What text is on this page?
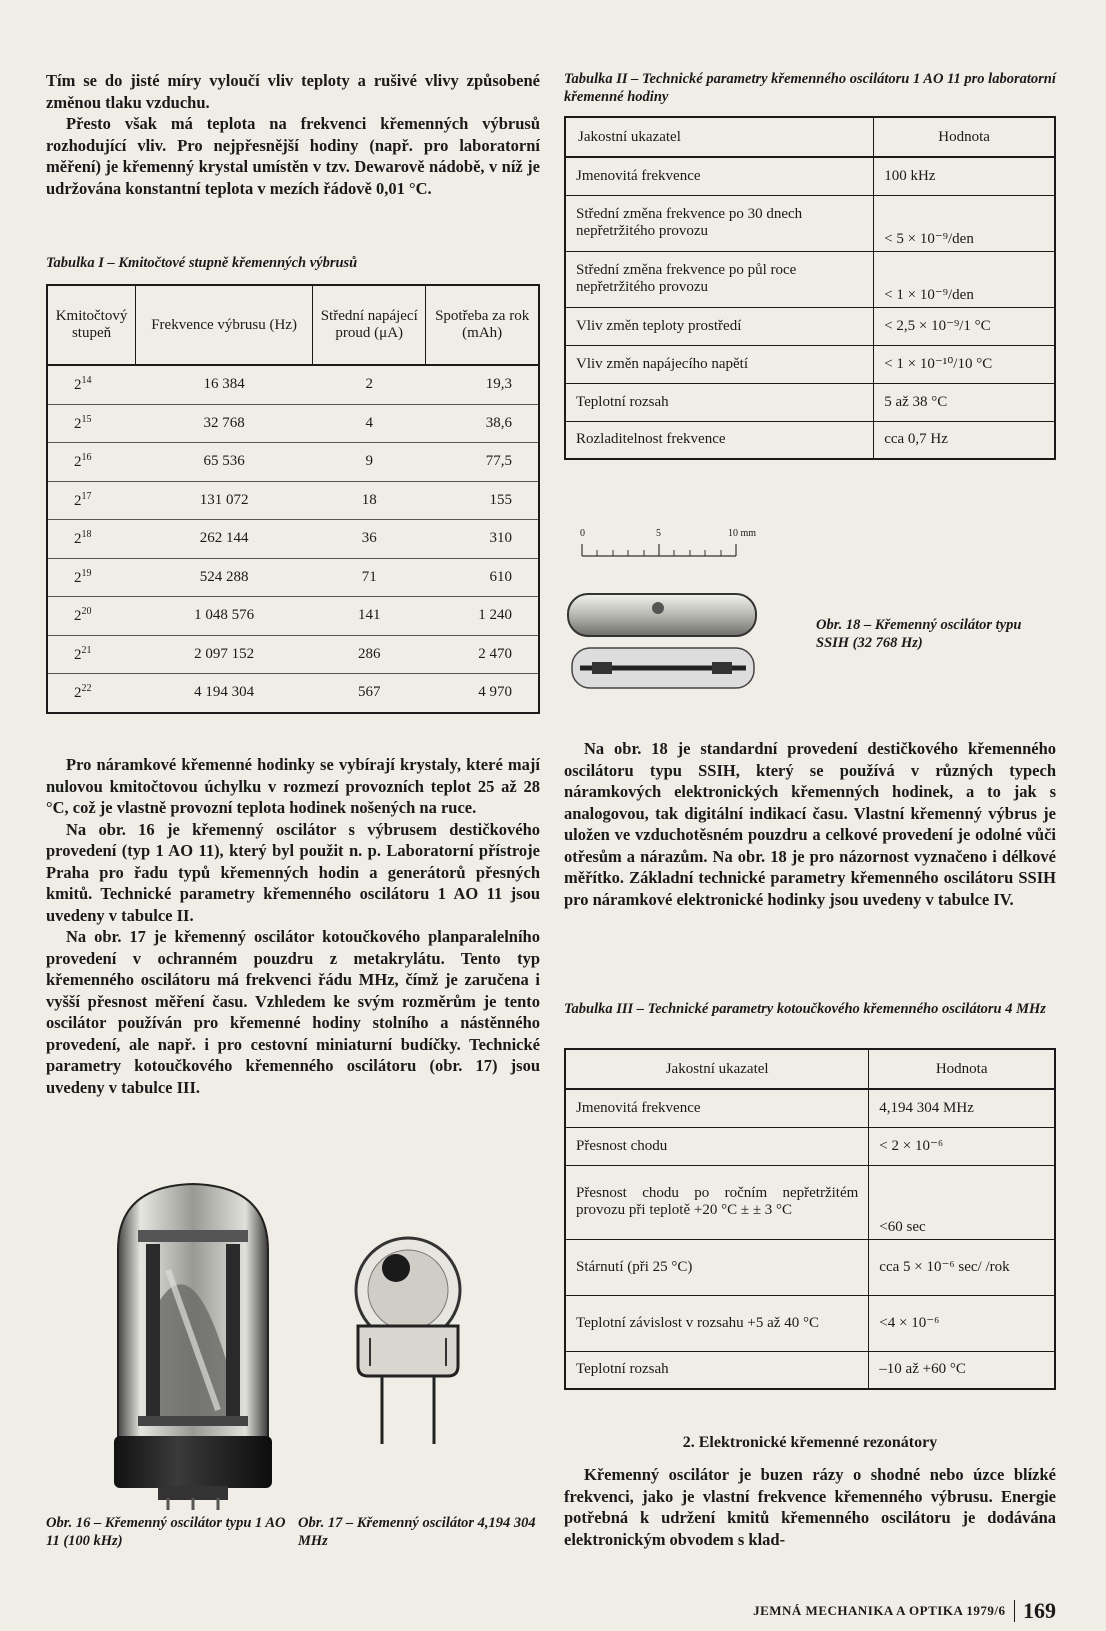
Tím se do jisté míry vyloučí vliv teploty a rušivé vlivy způsobené změnou tlaku vzduchu.

Přesto však má teplota na frekvenci křemenných výbrusů rozhodující vliv. Pro nejpřesnější hodiny (např. pro laboratorní měření) je křemenný krystal umístěn v tzv. Dewarově nádobě, v níž je udržována konstantní teplota v mezích řádově 0,01 °C.

Tabulka I – Kmitočtové stupně křemenných výbrusů

Kmitočtový stupeň	Frekvence výbrusu (Hz)	Střední napájecí proud (μA)	Spotřeba za rok (mAh)
$2^{14}$	16 384	2	19,3
$2^{15}$	32 768	4	38,6
$2^{16}$	65 536	9	77,5
$2^{17}$	131 072	18	155
$2^{18}$	262 144	36	310
$2^{19}$	524 288	71	610
$2^{20}$	1 048 576	141	1 240
$2^{21}$	2 097 152	286	2 470
$2^{22}$	4 194 304	567	4 970

Pro náramkové křemenné hodinky se vybírají krystaly, které mají nulovou kmitočtovou úchylku v rozmezí provozních teplot 25 až 28 °C, což je vlastně provozní teplota hodinek nošených na ruce.

Na obr. 16 je křemenný oscilátor s výbrusem destičkového provedení (typ 1 AO 11), který byl použit n. p. Laboratorní přístroje Praha pro řadu typů křemenných hodin a generátorů přesných kmitů. Technické parametry křemenného oscilátoru 1 AO 11 jsou uvedeny v tabulce II.

Na obr. 17 je křemenný oscilátor kotoučkového planparalelního provedení v ochranném pouzdru z metakrylátu. Tento typ křemenného oscilátoru má frekvenci řádu MHz, čímž je zaručena i vyšší přesnost měření času. Vzhledem ke svým rozměrům je tento oscilátor používán pro křemenné hodiny stolního a nástěnného provedení, ale např. i pro cestovní miniaturní budíčky. Technické parametry kotoučkového křemenného oscilátoru (obr. 17) jsou uvedeny v tabulce III.

Obr. 16 – Křemenný oscilátor typu 1 AO 11 (100 kHz)

Obr. 17 – Křemenný oscilátor 4,194 304 MHz

Tabulka II – Technické parametry křemenného oscilátoru 1 AO 11 pro laboratorní křemenné hodiny

Jakostní ukazatel	Hodnota
Jmenovitá frekvence	100 kHz
Střední změna frekvence po 30 dnech nepřetržitého provozu	< 5 × 10⁻⁹/den
Střední změna frekvence po půl roce nepřetržitého provozu	< 1 × 10⁻⁹/den
Vliv změn teploty prostředí	< 2,5 × 10⁻⁹/1 °C
Vliv změn napájecího napětí	< 1 × 10⁻¹⁰/10 °C
Teplotní rozsah	5 až 38 °C
Rozladitelnost frekvence	cca 0,7 Hz
0	5	10 mm

Obr. 18 – Křemenný oscilátor typu SSIH (32 768 Hz)

Na obr. 18 je standardní provedení destičkového křemenného oscilátoru typu SSIH, který se používá v různých typech náramkových elektronických křemenných hodinek, a to jak s analogovou, tak digitální indikací času. Vlastní křemenný výbrus je uložen ve vzduchotěsném pouzdru a celkové provedení je odolné vůči otřesům a nárazům. Na obr. 18 je pro názornost vyznačeno i délkové měřítko. Základní technické parametry křemenného oscilátoru SSIH pro náramkové elektronické hodinky jsou uvedeny v tabulce IV.

Tabulka III – Technické parametry kotoučkového křemenného oscilátoru 4 MHz

Jakostní ukazatel	Hodnota
Jmenovitá frekvence	4,194 304 MHz
Přesnost chodu	< 2 × 10⁻⁶
Přesnost chodu po ročním nepřetržitém provozu při teplotě +20 °C ± ± 3 °C	<60 sec
Stárnutí (při 25 °C)	cca 5 × 10⁻⁶ sec/ /rok
Teplotní závislost v rozsahu +5 až 40 °C	<4 × 10⁻⁶
Teplotní rozsah	–10 až +60 °C

2. Elektronické křemenné rezonátory

Křemenný oscilátor je buzen rázy o shodné nebo úzce blízké frekvenci, jako je vlastní frekvence křemenného výbrusu. Energie potřebná k udržení kmitů křemenného oscilátoru je dodávána elektronickým obvodem s klad-

JEMNÁ MECHANIKA A OPTIKA 1979/6 169
